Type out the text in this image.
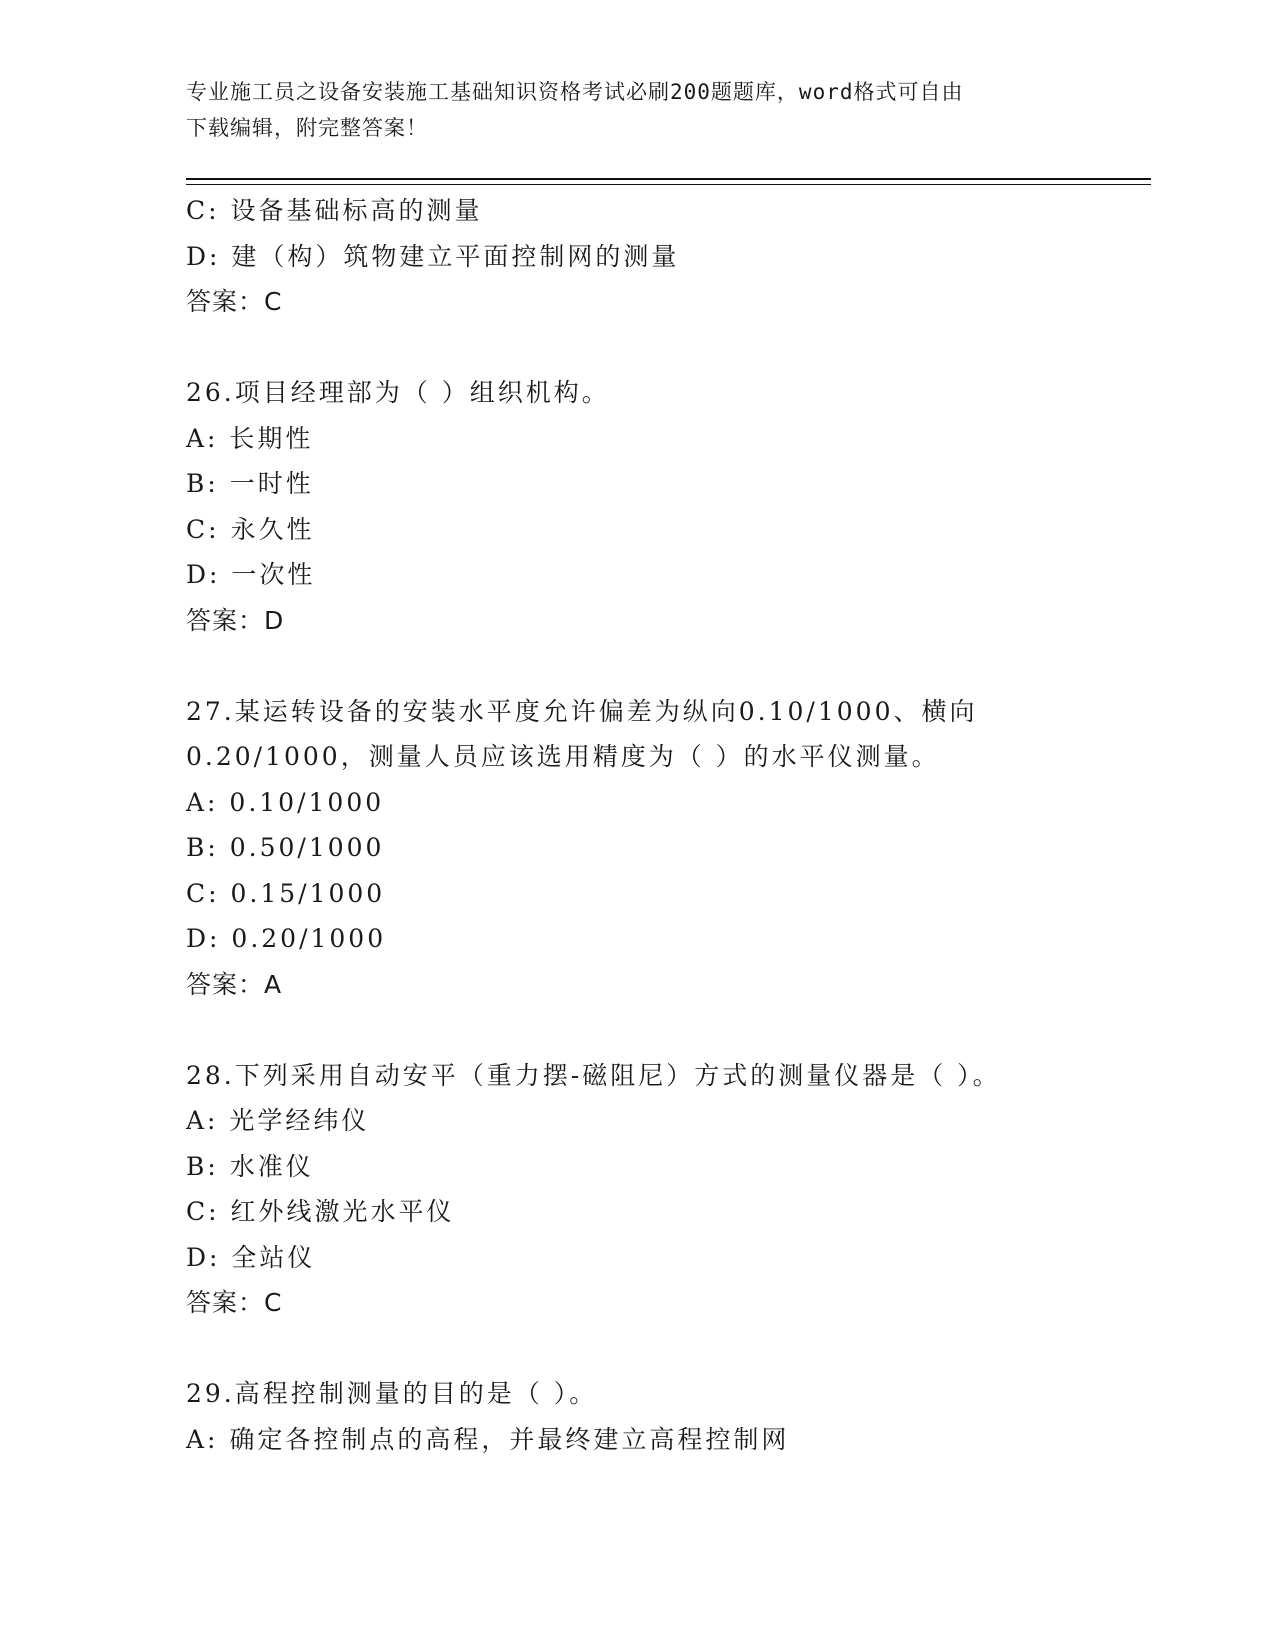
专业施工员之设备安装施工基础知识资格考试必刷200题题库，word格式可自由
下载编辑，附完整答案！
C: 设备基础标高的测量
D: 建（构）筑物建立平面控制网的测量
答案：C
26.项目经理部为（ ）组织机构。
A: 长期性
B: 一时性
C: 永久性
D: 一次性
答案：D
27.某运转设备的安装水平度允许偏差为纵向0.10/1000、横向
0.20/1000，测量人员应该选用精度为（ ）的水平仪测量。
A: 0.10/1000
B: 0.50/1000
C: 0.15/1000
D: 0.20/1000
答案：A
28.下列采用自动安平（重力摆-磁阻尼）方式的测量仪器是（ ）。
A: 光学经纬仪
B: 水准仪
C: 红外线激光水平仪
D: 全站仪
答案：C
29.高程控制测量的目的是（ ）。
A: 确定各控制点的高程，并最终建立高程控制网
